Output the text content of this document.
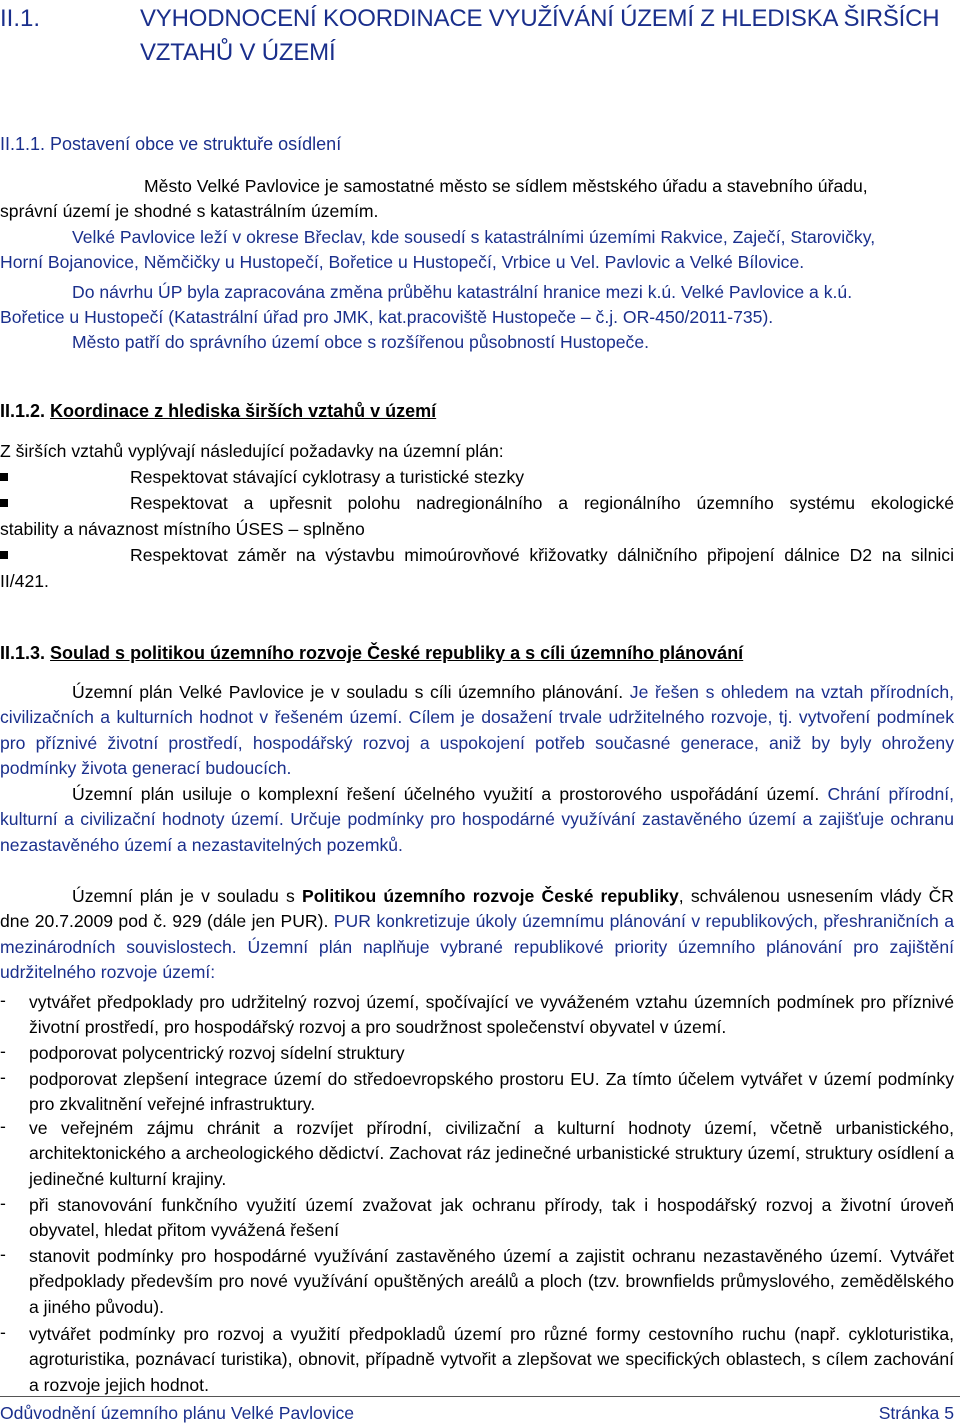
II.1.	VYHODNOCENÍ KOORDINACE VYUŽÍVÁNÍ ÚZEMÍ Z HLEDISKA ŠIRŠÍCH
VZTAHŮ V ÚZEMÍ
II.1.1. Postavení obce ve struktuře osídlení
Město Velké Pavlovice je samostatné město se sídlem městského úřadu a stavebního úřadu,
správní území je shodné s katastrálním územím.
Velké Pavlovice leží v okrese Břeclav, kde sousedí s katastrálními územími Rakvice, Zaječí, Starovičky,
Horní Bojanovice, Němčičky u Hustopečí, Bořetice u Hustopečí, Vrbice u Vel. Pavlovic a Velké Bílovice.
Do návrhu ÚP byla zapracována změna průběhu katastrální hranice mezi k.ú. Velké Pavlovice a k.ú.
Bořetice u Hustopečí (Katastrální úřad pro JMK, kat.pracoviště Hustopeče – č.j. OR-450/2011-735).
Město patří do správního území obce s rozšířenou působností Hustopeče.
II.1.2. Koordinace z hlediska širších vztahů v území
Z širších vztahů vyplývají následující požadavky na územní plán:
Respektovat stávající cyklotrasy a turistické stezky
Respektovat a upřesnit polohu nadregionálního a regionálního územního systému ekologické
stability a návaznost místního ÚSES – splněno
Respektovat záměr na výstavbu mimoúrovňové křižovatky dálničního připojení dálnice D2 na silnici
II/421.
II.1.3. Soulad s politikou územního rozvoje České republiky a s cíli územního plánování
Územní plán Velké Pavlovice je v souladu s cíli územního plánování. Je řešen s ohledem na vztah přírodních, civilizačních a kulturních hodnot v řešeném území. Cílem je dosažení trvale udržitelného rozvoje, tj. vytvoření podmínek pro příznivé životní prostředí, hospodářský rozvoj a uspokojení potřeb současné generace, aniž by byly ohroženy podmínky života generací budoucích.
Územní plán usiluje o komplexní řešení účelného využití a prostorového uspořádání území. Chrání přírodní, kulturní a civilizační hodnoty území. Určuje podmínky pro hospodárné využívání zastavěného území a zajišťuje ochranu nezastavěného území a nezastavitelných pozemků.
Územní plán je v souladu s Politikou územního rozvoje České republiky, schválenou usnesením vlády ČR dne 20.7.2009 pod č. 929 (dále jen PUR). PUR konkretizuje úkoly územnímu plánování v republikových, přeshraničních a mezinárodních souvislostech. Územní plán naplňuje vybrané republikové priority územního plánování pro zajištění udržitelného rozvoje území:
- vytvářet předpoklady pro udržitelný rozvoj území, spočívající ve vyváženém vztahu územních podmínek pro příznivé životní prostředí, pro hospodářský rozvoj a pro soudržnost společenství obyvatel v území.
- podporovat polycentrický rozvoj sídelní struktury
- podporovat zlepšení integrace území do středoevropského prostoru EU. Za tímto účelem vytvářet v území podmínky pro zkvalitnění veřejné infrastruktury.
- ve veřejném zájmu chránit a rozvíjet přírodní, civilizační a kulturní hodnoty území, včetně urbanistického, architektonického a archeologického dědictví. Zachovat ráz jedinečné urbanistické struktury území, struktury osídlení a jedinečné kulturní krajiny.
- při stanovování funkčního využití území zvažovat jak ochranu přírody, tak i hospodářský rozvoj a životní úroveň obyvatel, hledat přitom vyvážená řešení
- stanovit podmínky pro hospodárné využívání zastavěného území a zajistit ochranu nezastavěného území. Vytvářet předpoklady především pro nové využívání opuštěných areálů a ploch (tzv. brownfields průmyslového, zemědělského a jiného původu).
- vytvářet podmínky pro rozvoj a využití předpokladů území pro různé formy cestovního ruchu (např. cykloturistika, agroturistika, poznávací turistika), obnovit, případně vytvořit a zlepšovat we specifických oblastech, s cílem zachování a rozvoje jejich hodnot.
Odůvodnění územního plánu Velké Pavlovice	Stránka 5
